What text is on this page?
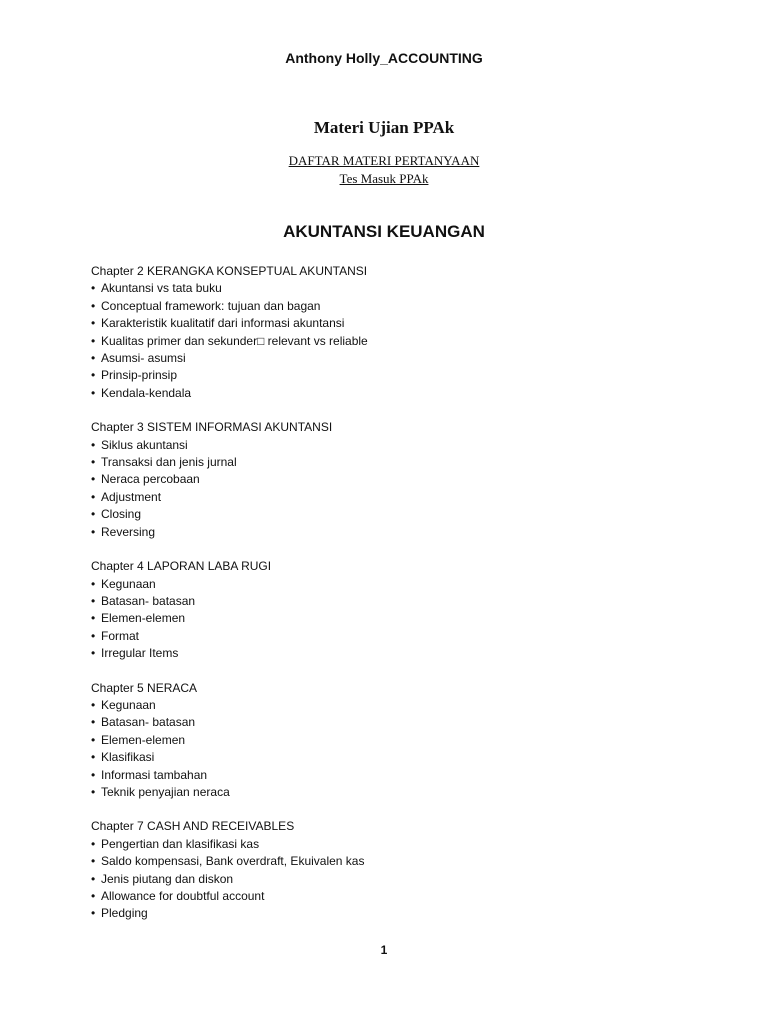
Anthony Holly_ACCOUNTING
Materi Ujian PPAk
DAFTAR MATERI PERTANYAAN
Tes Masuk PPAk
AKUNTANSI KEUANGAN
Chapter 2 KERANGKA KONSEPTUAL AKUNTANSI
• Akuntansi vs tata buku
• Conceptual framework: tujuan dan bagan
• Karakteristik kualitatif dari informasi akuntansi
• Kualitas primer dan sekunder□ relevant vs reliable
• Asumsi- asumsi
• Prinsip-prinsip
• Kendala-kendala
Chapter 3 SISTEM INFORMASI AKUNTANSI
• Siklus akuntansi
• Transaksi dan jenis jurnal
• Neraca percobaan
• Adjustment
• Closing
• Reversing
Chapter 4 LAPORAN LABA RUGI
• Kegunaan
• Batasan- batasan
• Elemen-elemen
• Format
• Irregular Items
Chapter 5 NERACA
• Kegunaan
• Batasan- batasan
• Elemen-elemen
• Klasifikasi
• Informasi tambahan
• Teknik penyajian neraca
Chapter 7 CASH AND RECEIVABLES
• Pengertian dan klasifikasi kas
• Saldo kompensasi, Bank overdraft, Ekuivalen kas
• Jenis piutang dan diskon
• Allowance for doubtful account
• Pledging
1
